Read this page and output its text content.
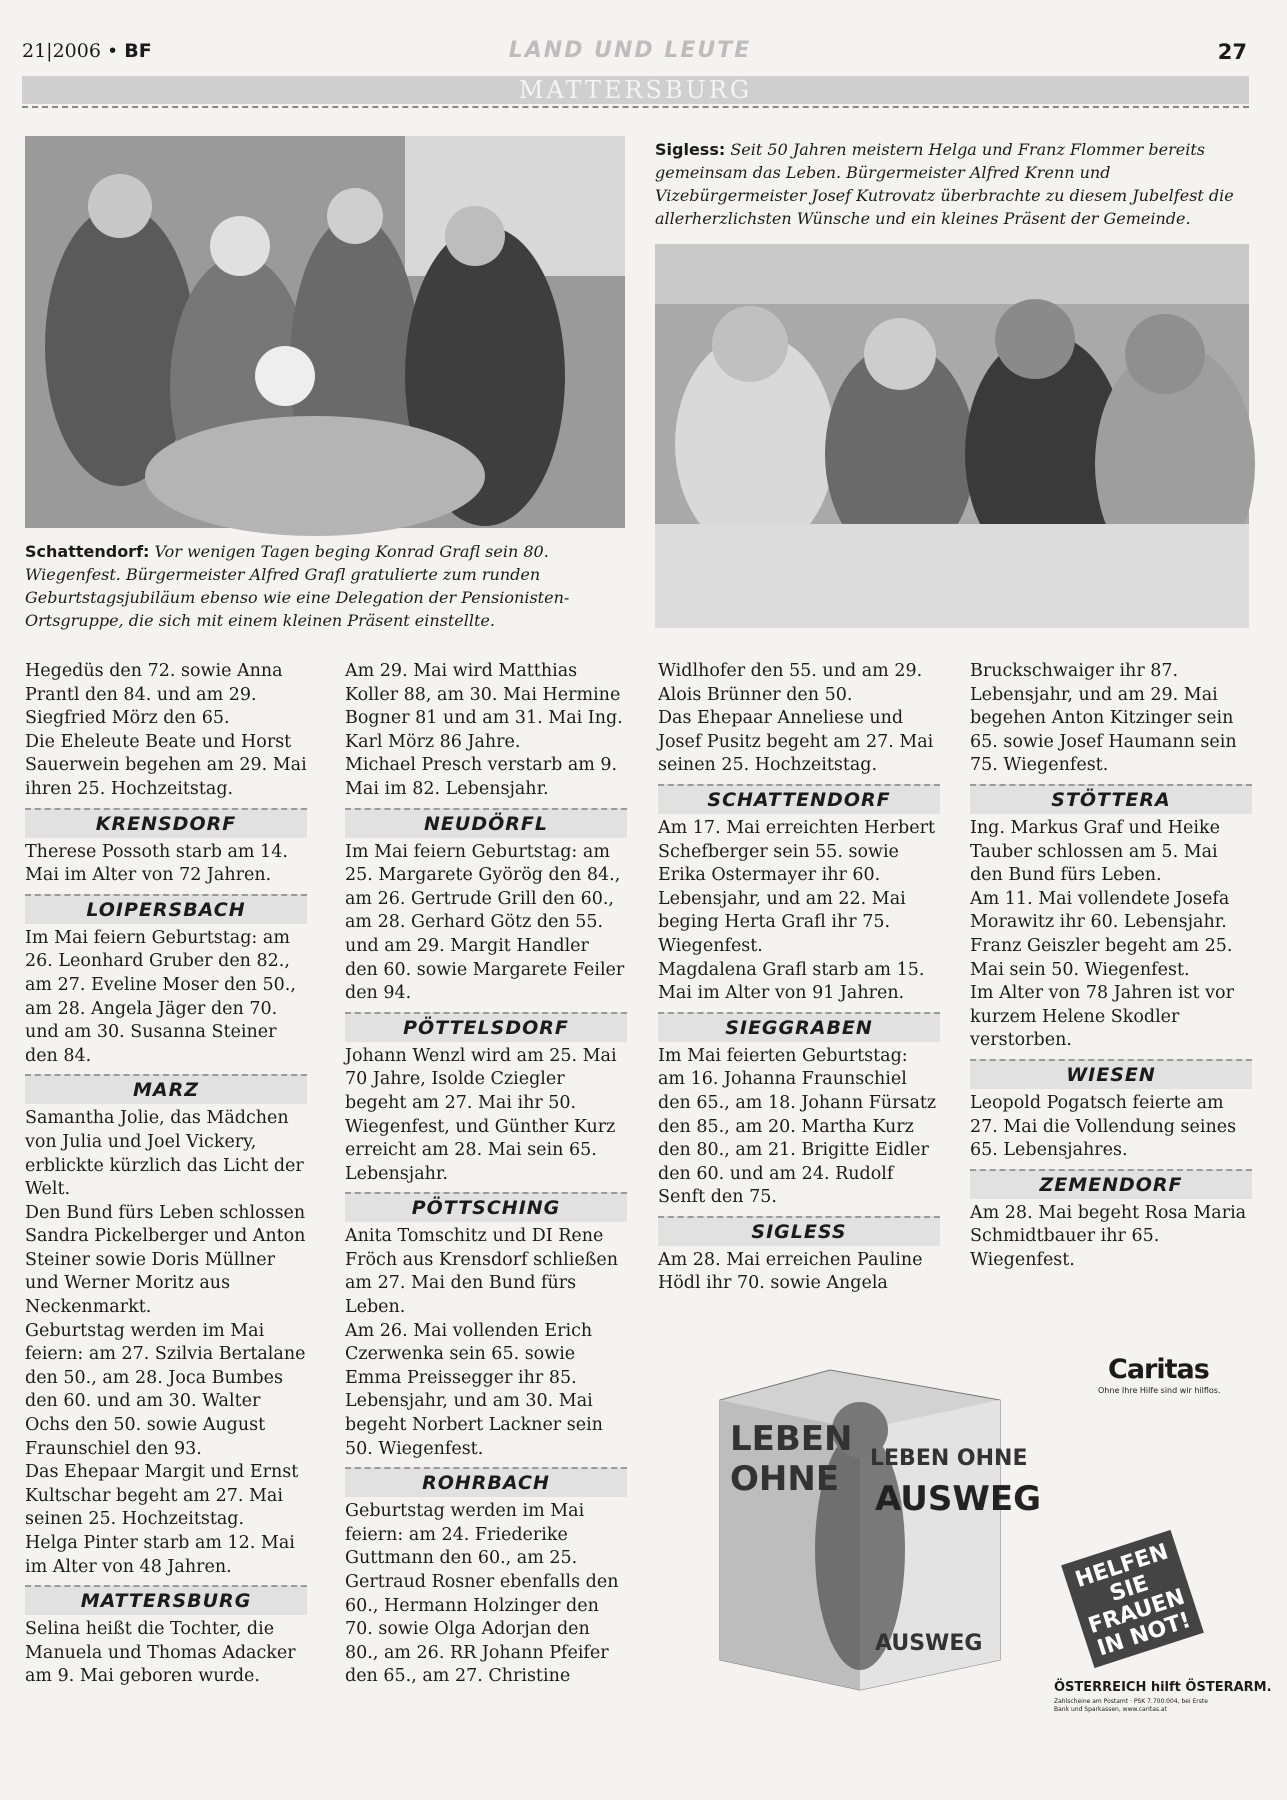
21|2006 • BF	LAND UND LEUTE	27
MATTERSBURG
Sigless: Seit 50 Jahren meistern Helga und Franz Flommer bereits gemeinsam das Leben. Bürgermeister Alfred Krenn und Vizebürgermeister Josef Kutrovatz überbrachte zu diesem Jubelfest die allerherzlichsten Wünsche und ein kleines Präsent der Gemeinde.
Schattendorf: Vor wenigen Tagen beging Konrad Grafl sein 80. Wiegenfest. Bürgermeister Alfred Grafl gratulierte zum runden Geburtstagsjubiläum ebenso wie eine Delegation der Pensionisten-Ortsgruppe, die sich mit einem kleinen Präsent einstellte.

Hegedüs den 72. sowie Anna Prantl den 84. und am 29. Siegfried Mörz den 65.

Die Eheleute Beate und Horst Sauerwein begehen am 29. Mai ihren 25. Hochzeitstag.

KRENSDORF

Therese Possoth starb am 14. Mai im Alter von 72 Jahren.

LOIPERSBACH

Im Mai feiern Geburtstag: am 26. Leonhard Gruber den 82., am 27. Eveline Moser den 50., am 28. Angela Jäger den 70. und am 30. Susanna Steiner den 84.

MARZ

Samantha Jolie, das Mädchen von Julia und Joel Vickery, erblickte kürzlich das Licht der Welt.

Den Bund fürs Leben schlossen Sandra Pickelberger und Anton Steiner sowie Doris Müllner und Werner Moritz aus Neckenmarkt.

Geburtstag werden im Mai feiern: am 27. Szilvia Bertalane den 50., am 28. Joca Bumbes den 60. und am 30. Walter Ochs den 50. sowie August Fraunschiel den 93.

Das Ehepaar Margit und Ernst Kultschar begeht am 27. Mai seinen 25. Hochzeitstag.

Helga Pinter starb am 12. Mai im Alter von 48 Jahren.

MATTERSBURG

Selina heißt die Tochter, die Manuela und Thomas Adacker am 9. Mai geboren wurde.

Am 29. Mai wird Matthias Koller 88, am 30. Mai Hermine Bogner 81 und am 31. Mai Ing. Karl Mörz 86 Jahre.

Michael Presch verstarb am 9. Mai im 82. Lebensjahr.

NEUDÖRFL

Im Mai feiern Geburtstag: am 25. Margarete Györög den 84., am 26. Gertrude Grill den 60., am 28. Gerhard Götz den 55. und am 29. Margit Handler den 60. sowie Margarete Feiler den 94.

PÖTTELSDORF

Johann Wenzl wird am 25. Mai 70 Jahre, Isolde Cziegler begeht am 27. Mai ihr 50. Wiegenfest, und Günther Kurz erreicht am 28. Mai sein 65. Lebensjahr.

PÖTTSCHING

Anita Tomschitz und DI Rene Fröch aus Krensdorf schließen am 27. Mai den Bund fürs Leben.

Am 26. Mai vollenden Erich Czerwenka sein 65. sowie Emma Preissegger ihr 85. Lebensjahr, und am 30. Mai begeht Norbert Lackner sein 50. Wiegenfest.

ROHRBACH

Geburtstag werden im Mai feiern: am 24. Friederike Guttmann den 60., am 25. Gertraud Rosner ebenfalls den 60., Hermann Holzinger den 70. sowie Olga Adorjan den 80., am 26. RR Johann Pfeifer den 65., am 27. Christine

Widlhofer den 55. und am 29. Alois Brünner den 50.

Das Ehepaar Anneliese und Josef Pusitz begeht am 27. Mai seinen 25. Hochzeitstag.

SCHATTENDORF

Am 17. Mai erreichten Herbert Schefberger sein 55. sowie Erika Ostermayer ihr 60. Lebensjahr, und am 22. Mai beging Herta Grafl ihr 75. Wiegenfest.

Magdalena Grafl starb am 15. Mai im Alter von 91 Jahren.

SIEGGRABEN

Im Mai feierten Geburtstag: am 16. Johanna Fraunschiel den 65., am 18. Johann Fürsatz den 85., am 20. Martha Kurz den 80., am 21. Brigitte Eidler den 60. und am 24. Rudolf Senft den 75.

SIGLESS

Am 28. Mai erreichen Pauline Hödl ihr 70. sowie Angela

Bruckschwaiger ihr 87. Lebensjahr, und am 29. Mai begehen Anton Kitzinger sein 65. sowie Josef Haumann sein 75. Wiegenfest.

STÖTTERA

Ing. Markus Graf und Heike Tauber schlossen am 5. Mai den Bund fürs Leben.

Am 11. Mai vollendete Josefa Morawitz ihr 60. Lebensjahr.

Franz Geiszler begeht am 25. Mai sein 50. Wiegenfest.

Im Alter von 78 Jahren ist vor kurzem Helene Skodler verstorben.

WIESEN

Leopold Pogatsch feierte am 27. Mai die Vollendung seines 65. Lebensjahres.

ZEMENDORF

Am 28. Mai begeht Rosa Maria Schmidtbauer ihr 65. Wiegenfest.

Caritas
Ohne Ihre Hilfe sind wir hilflos.
LEBEN
OHNE AUSWEG
LEBEN OHNE
AUSWEG
HELFEN SIE FRAUEN IN NOT!
ÖSTERREICH hilft ÖSTERARM.
Zahlscheine am Postamt · PSK 7.700.004, bei Erste Bank und Sparkassen, www.caritas.at
